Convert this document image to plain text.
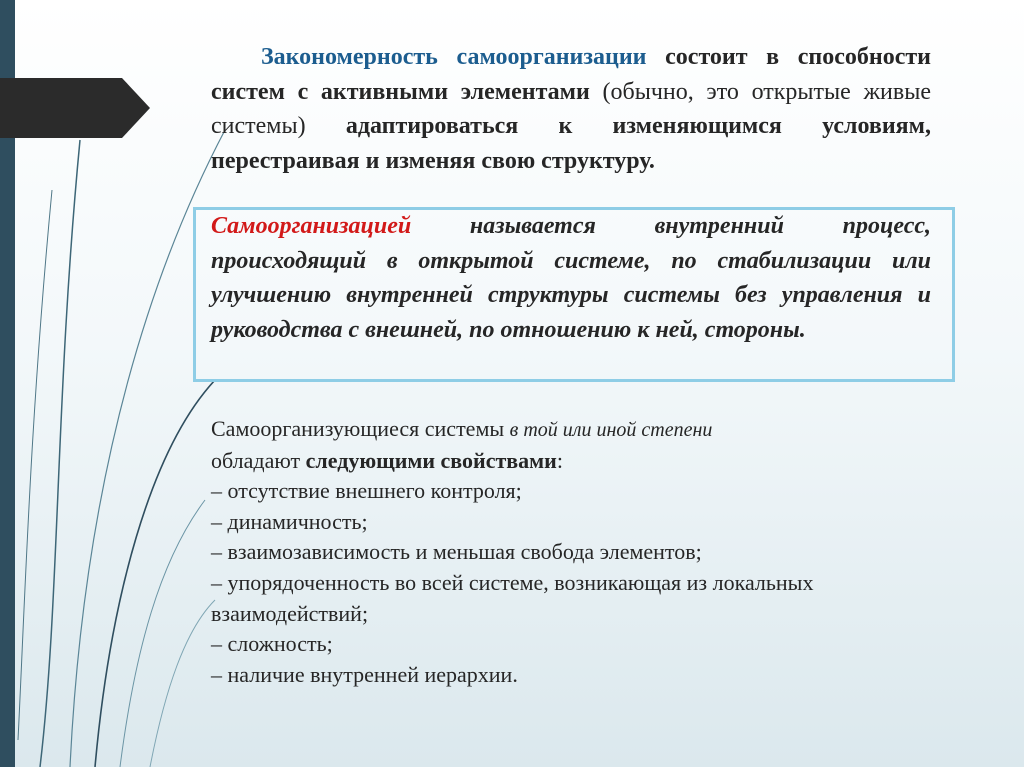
Закономерность самоорганизации состоит в способности систем с активными элементами (обычно, это открытые живые системы) адаптироваться к изменяющимся условиям, перестраивая и изменяя свою структуру.
Самоорганизацией называется внутренний процесс, происходящий в открытой системе, по стабилизации или улучшению внутренней структуры системы без управления и руководства с внешней, по отношению к ней, стороны.
Самоорганизующиеся системы в той или иной степени
обладают следующими свойствами:
– отсутствие внешнего контроля;
– динамичность;
– взаимозависимость и меньшая свобода элементов;
– упорядоченность во всей системе, возникающая из локальных взаимодействий;
– сложность;
– наличие внутренней иерархии.
